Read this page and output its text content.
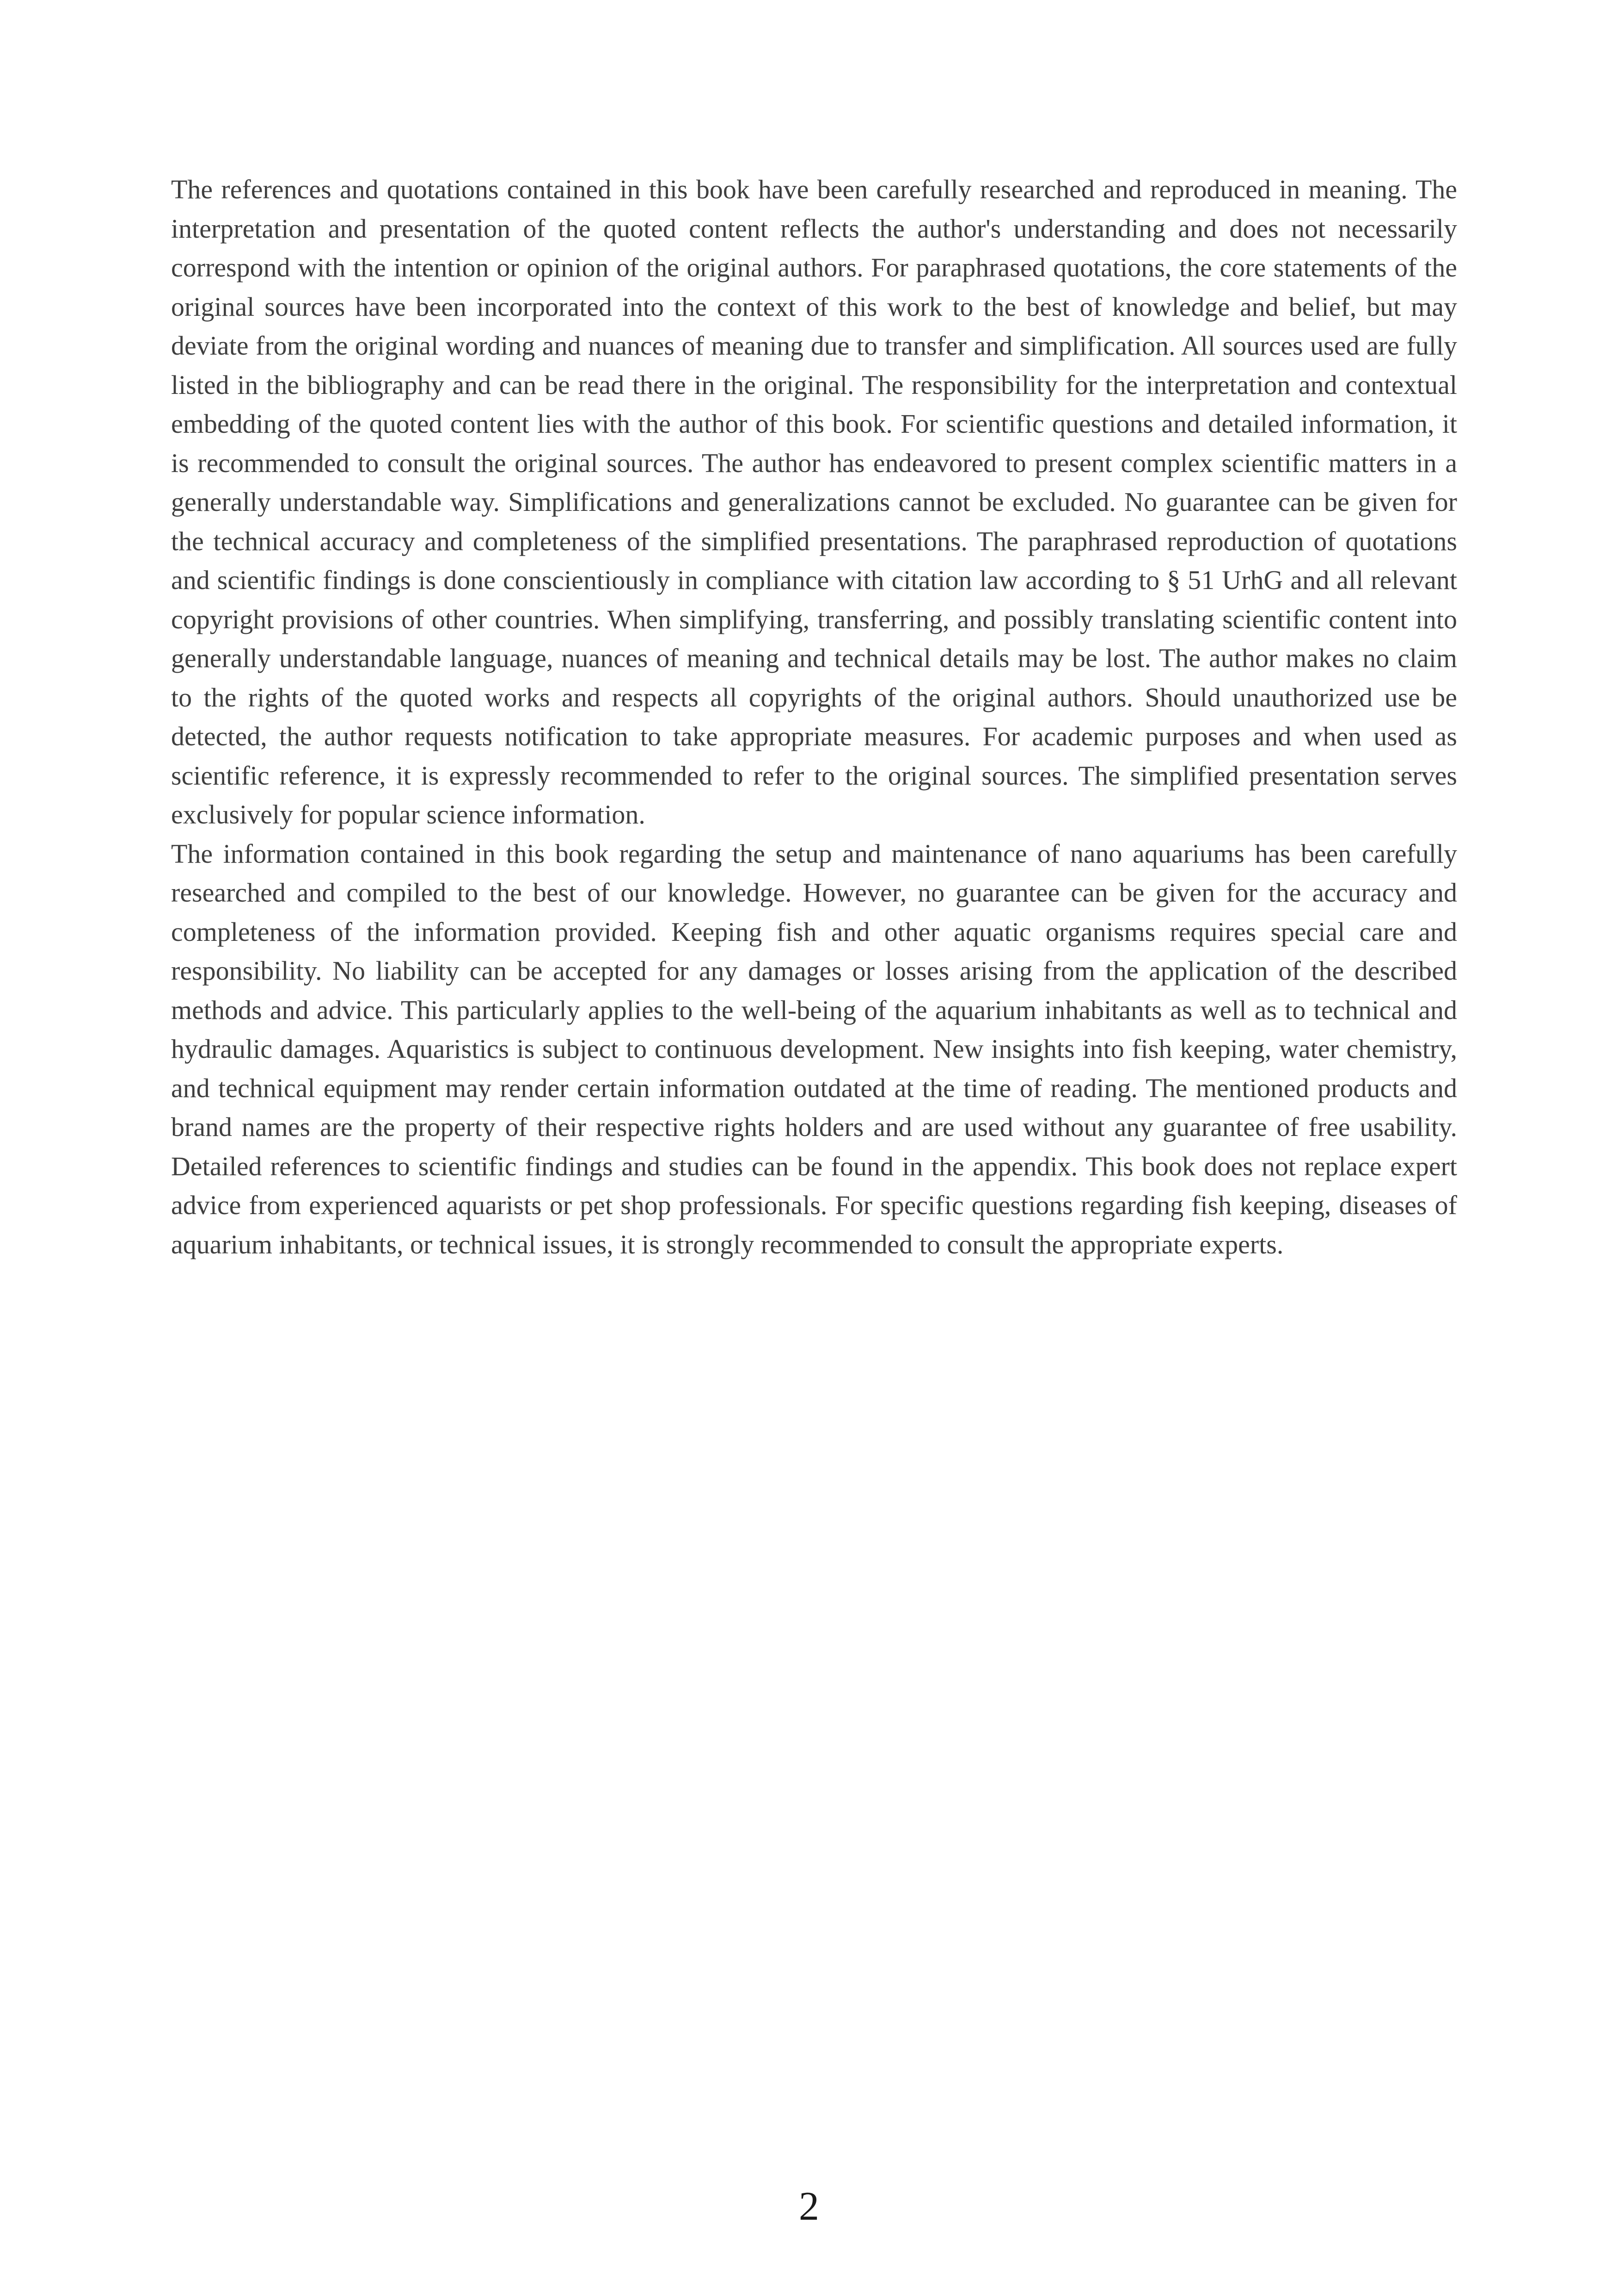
The references and quotations contained in this book have been carefully researched and reproduced in meaning. The interpretation and presentation of the quoted content reflects the author's understanding and does not necessarily correspond with the intention or opinion of the original authors. For paraphrased quotations, the core statements of the original sources have been incorporated into the context of this work to the best of knowledge and belief, but may deviate from the original wording and nuances of meaning due to transfer and simplification. All sources used are fully listed in the bibliography and can be read there in the original. The responsibility for the interpretation and contextual embedding of the quoted content lies with the author of this book. For scientific questions and detailed information, it is recommended to consult the original sources. The author has endeavored to present complex scientific matters in a generally understandable way. Simplifications and generalizations cannot be excluded. No guarantee can be given for the technical accuracy and completeness of the simplified presentations. The paraphrased reproduction of quotations and scientific findings is done conscientiously in compliance with citation law according to § 51 UrhG and all relevant copyright provisions of other countries. When simplifying, transferring, and possibly translating scientific content into generally understandable language, nuances of meaning and technical details may be lost. The author makes no claim to the rights of the quoted works and respects all copyrights of the original authors. Should unauthorized use be detected, the author requests notification to take appropriate measures. For academic purposes and when used as scientific reference, it is expressly recommended to refer to the original sources. The simplified presentation serves exclusively for popular science information.

The information contained in this book regarding the setup and maintenance of nano aquariums has been carefully researched and compiled to the best of our knowledge. However, no guarantee can be given for the accuracy and completeness of the information provided. Keeping fish and other aquatic organisms requires special care and responsibility. No liability can be accepted for any damages or losses arising from the application of the described methods and advice. This particularly applies to the well-being of the aquarium inhabitants as well as to technical and hydraulic damages. Aquaristics is subject to continuous development. New insights into fish keeping, water chemistry, and technical equipment may render certain information outdated at the time of reading. The mentioned products and brand names are the property of their respective rights holders and are used without any guarantee of free usability. Detailed references to scientific findings and studies can be found in the appendix. This book does not replace expert advice from experienced aquarists or pet shop professionals. For specific questions regarding fish keeping, diseases of aquarium inhabitants, or technical issues, it is strongly recommended to consult the appropriate experts.

2
